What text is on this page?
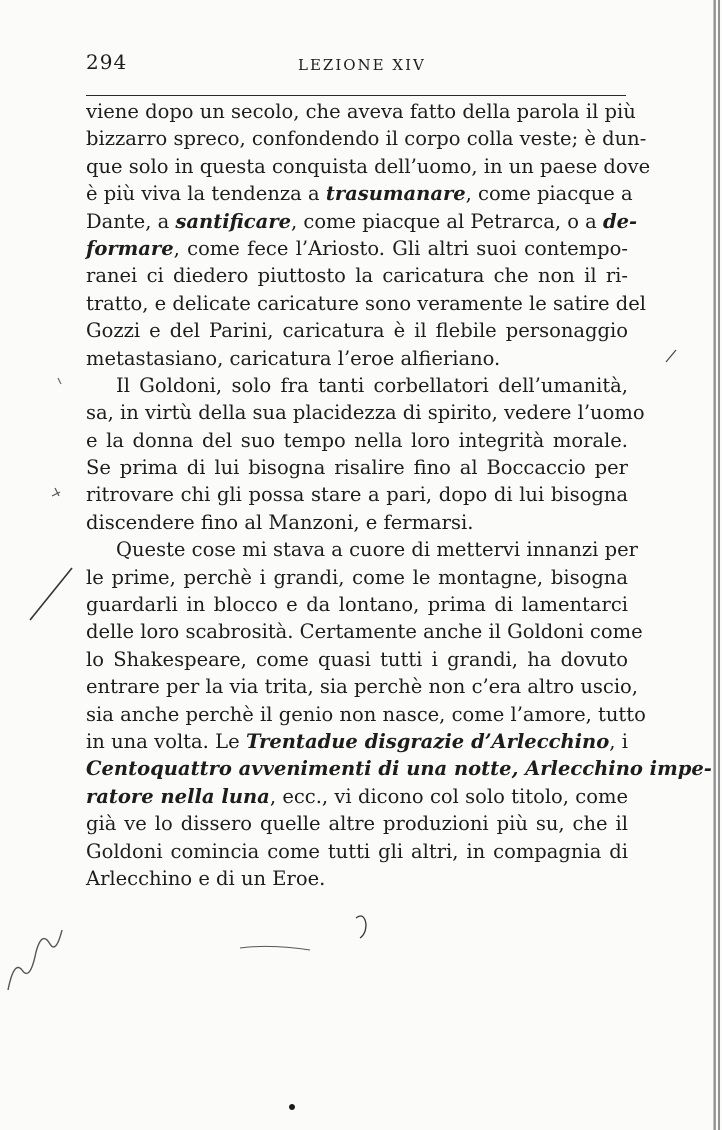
294	LEZIONE XIV
viene dopo un secolo, che aveva fatto della parola il più
bizzarro spreco, confondendo il corpo colla veste; è dun-
que solo in questa conquista dell’uomo, in un paese dove
è più viva la tendenza a trasumanare, come piacque a
Dante, a santificare, come piacque al Petrarca, o a de-
formare, come fece l’Ariosto. Gli altri suoi contempo-
ranei ci diedero piuttosto la caricatura che non il ri-
tratto, e delicate caricature sono veramente le satire del
Gozzi e del Parini, caricatura è il flebile personaggio
metastasiano, caricatura l’eroe alfieriano.
Il Goldoni, solo fra tanti corbellatori dell’umanità,
sa, in virtù della sua placidezza di spirito, vedere l’uomo
e la donna del suo tempo nella loro integrità morale.
Se prima di lui bisogna risalire fino al Boccaccio per
ritrovare chi gli possa stare a pari, dopo di lui bisogna
discendere fino al Manzoni, e fermarsi.
Queste cose mi stava a cuore di mettervi innanzi per
le prime, perchè i grandi, come le montagne, bisogna
guardarli in blocco e da lontano, prima di lamentarci
delle loro scabrosità. Certamente anche il Goldoni come
lo Shakespeare, come quasi tutti i grandi, ha dovuto
entrare per la via trita, sia perchè non c’era altro uscio,
sia anche perchè il genio non nasce, come l’amore, tutto
in una volta. Le Trentadue disgrazie d’Arlecchino, i
Centoquattro avvenimenti di una notte, Arlecchino impe-
ratore nella luna, ecc., vi dicono col solo titolo, come
già ve lo dissero quelle altre produzioni più su, che il
Goldoni comincia come tutti gli altri, in compagnia di
Arlecchino e di un Eroe.
